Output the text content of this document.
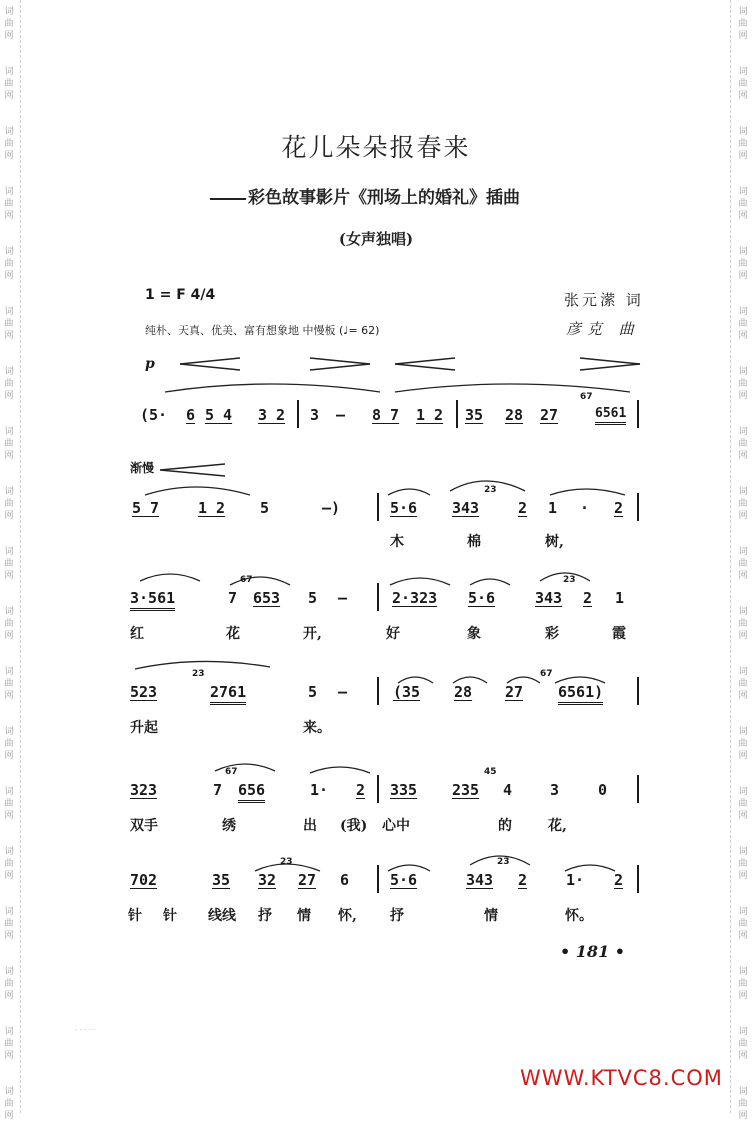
词
曲
网
词
曲
网
词
曲
网
词
曲
网
词
曲
网
词
曲
网
词
曲
网
词
曲
网
词
曲
网
词
曲
网
词
曲
网
词
曲
网
词
曲
网
词
曲
网
词
曲
网
词
曲
网
词
曲
网
词
曲
网
词
曲
网
词
曲
网
词
曲
网
词
曲
网
词
曲
网
词
曲
网
词
曲
网
词
曲
网
词
曲
网
词
曲
网
词
曲
网
词
曲
网
词
曲
网
词
曲
网
词
曲
网
词
曲
网
词
曲
网
词
曲
网
词
曲
网
词
曲
网
花儿朵朵报春来
彩色故事影片《刑场上的婚礼》插曲
(女声独唱)
1 = F 4/4	张元潆 词
彦克 曲
纯朴、天真、优美、富有想象地 中慢板 (♩= 62)
p
(5· 6 5 4 3 2 3 — 8 7 1 2 35 28 27
67
6561
渐慢
5 7	1 2 5	—)	5·6 343
23
2 1 · 2
木	棉	树,
3·561	7
67
653 5 —	2·323 5·6	343
23
2 1
红	花	开,	好	象	彩	霞
523
23
2761	5 —	(35 28 27
67
6561)
升起	来。
323	7
67
656	1· 2 335 235
45
4	3	0
双手	绣	出 (我) 心中	的	花,
702	35 32
23
27 6	5·6	343
23
2	1· 2
针 针 线线 抒 情 怀, 抒	情	怀。
• 181 •
· · · · ·
WWW.KTVC8.COM
